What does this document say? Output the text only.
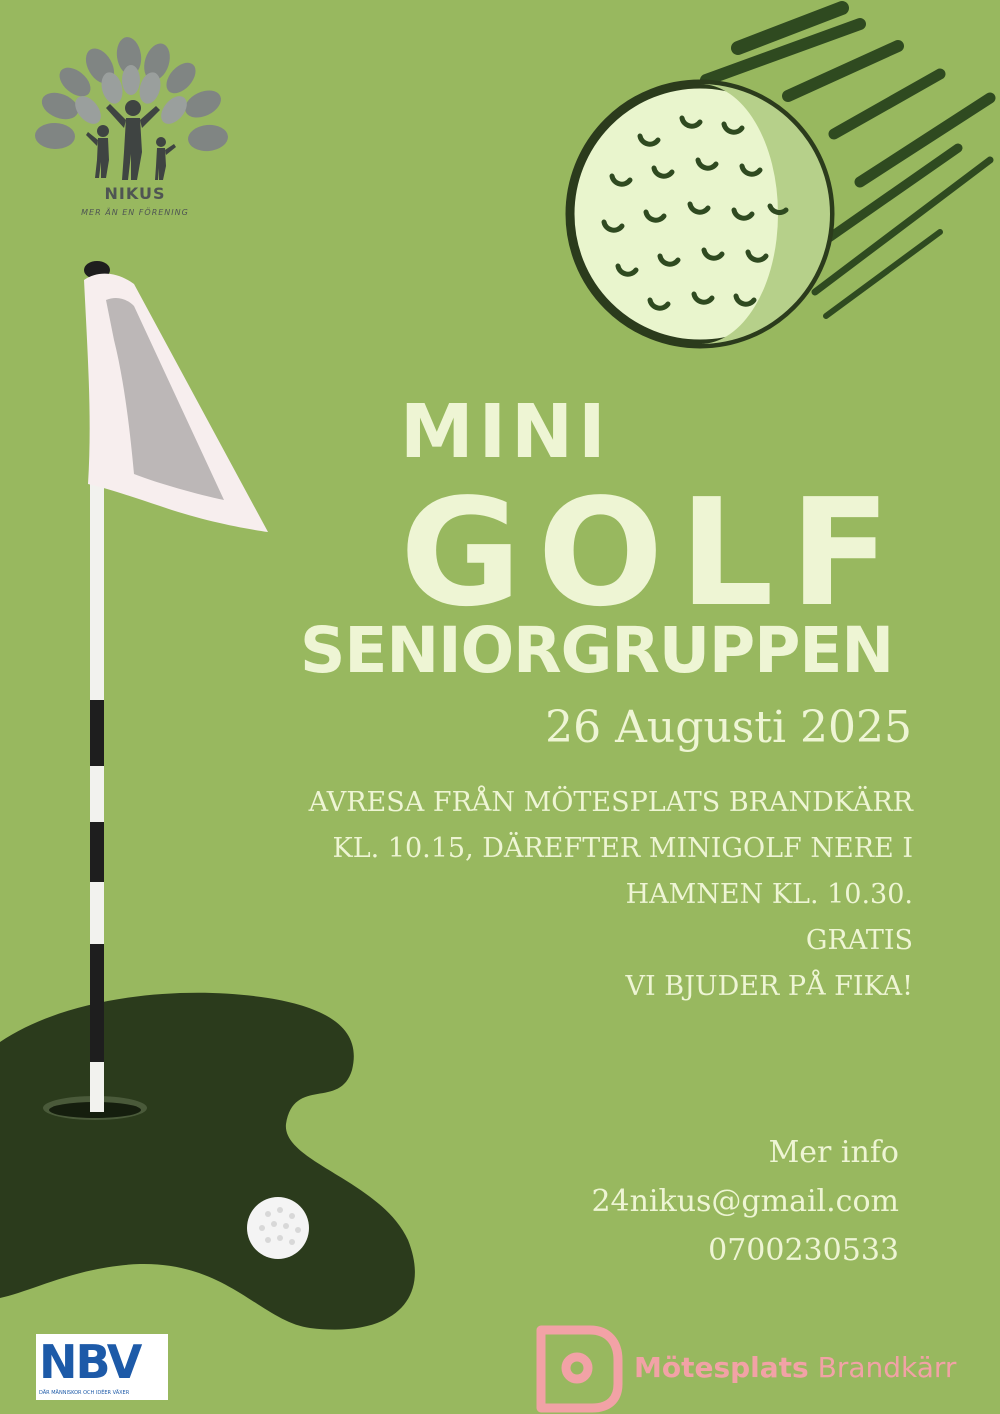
NIKUS

MER ÄN EN FÖRENING

MINI
GOLF
SENIORGRUPPEN

26 Augusti 2025

AVRESA FRÅN MÖTESPLATS BRANDKÄRR
KL. 10.15, DÄREFTER MINIGOLF NERE I
HAMNEN KL. 10.30.
GRATIS
VI BJUDER PÅ FIKA!
Mer info
24nikus@gmail.com
0700230533

NBV

DÄR MÄNNISKOR OCH IDÉER VÄXER

Mötesplats Brandkärr
